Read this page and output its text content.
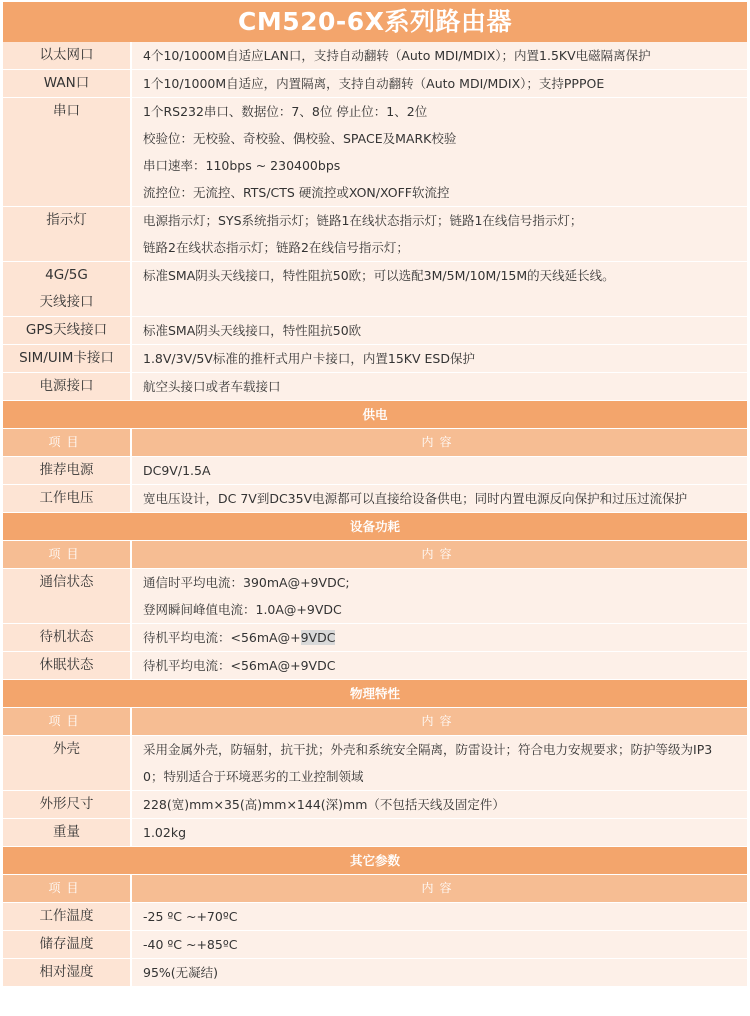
CM520-6X系列路由器	

以太网口	4个10/1000M自适应LAN口，支持自动翻转（Auto MDI/MDIX）；内置1.5KV电磁隔离保护

WAN口	1个10/1000M自适应，内置隔离，支持自动翻转（Auto MDI/MDIX）；支持PPPOE

串口	1个RS232串口、数据位：7、8位 停止位：1、2位
校验位：无校验、奇校验、偶校验、SPACE及MARK校验
串口速率：110bps ~ 230400bps
流控位：无流控、RTS/CTS 硬流控或XON/XOFF软流控

指示灯	电源指示灯；SYS系统指示灯；链路1在线状态指示灯；链路1在线信号指示灯；
链路2在线状态指示灯；链路2在线信号指示灯；

4G/5G
天线接口	标准SMA阴头天线接口，特性阻抗50欧；可以选配3M/5M/10M/15M的天线延长线。

GPS天线接口	标准SMA阴头天线接口，特性阻抗50欧

SIM/UIM卡接口	1.8V/3V/5V标准的推杆式用户卡接口，内置15KV ESD保护

电源接口	航空头接口或者车载接口

供电	
项目	内容

推荐电源	DC9V/1.5A

工作电压	宽电压设计，DC 7V到DC35V电源都可以直接给设备供电；同时内置电源反向保护和过压过流保护

设备功耗	
项目	内容

通信状态	通信时平均电流：390mA@+9VDC;
登网瞬间峰值电流：1.0A@+9VDC

待机状态	待机平均电流：<56mA@+9VDC

休眠状态	待机平均电流：<56mA@+9VDC

物理特性	
项目	内容

外壳	采用金属外壳，防辐射，抗干扰；外壳和系统安全隔离，防雷设计；符合电力安规要求；防护等级为IP3
0；特别适合于环境恶劣的工业控制领域

外形尺寸	228(宽)mm×35(高)mm×144(深)mm（不包括天线及固定件）

重量	1.02kg

其它参数	
项目	内容

工作温度	-25 ºC ~+70ºC

储存温度	-40 ºC ~+85ºC

相对湿度	95%(无凝结)
